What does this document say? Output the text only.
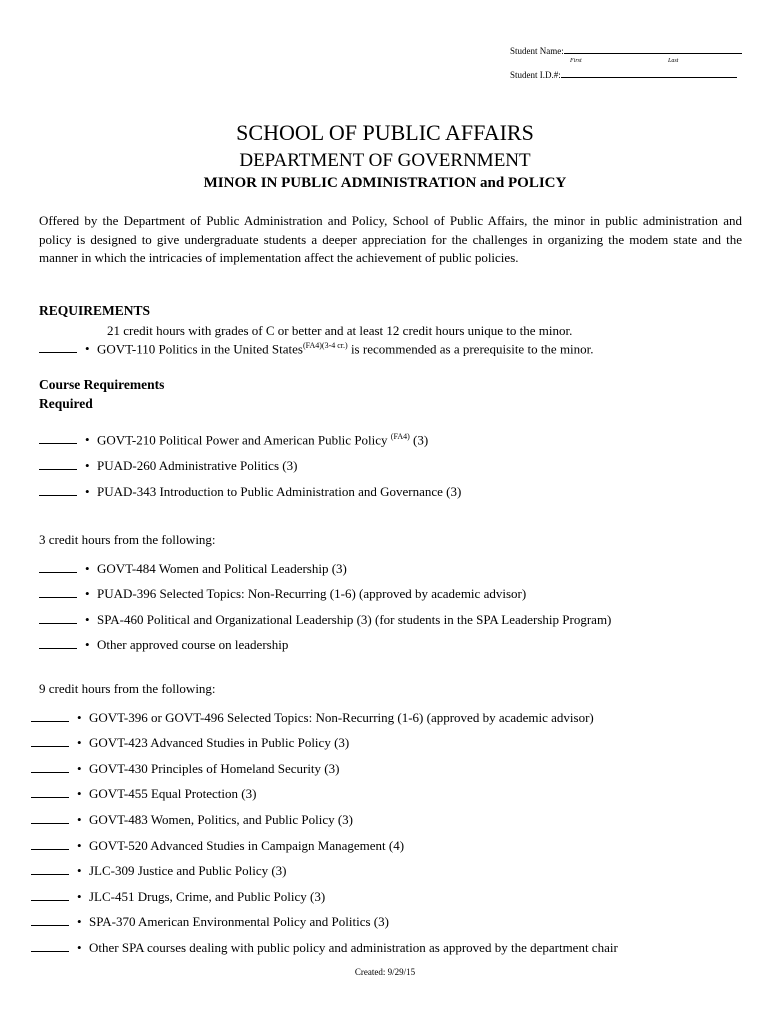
Student Name:
First	Last
Student I.D.#:
SCHOOL OF PUBLIC AFFAIRS
DEPARTMENT OF GOVERNMENT
MINOR IN PUBLIC ADMINISTRATION and POLICY
Offered by the Department of Public Administration and Policy, School of Public Affairs, the minor in public administration and policy is designed to give undergraduate students a deeper appreciation for the challenges in organizing the modem state and the manner in which the intricacies of implementation affect the achievement of public policies.
REQUIREMENTS
21 credit hours with grades of C or better and at least 12 credit hours unique to the minor.
• GOVT-110 Politics in the United States$^{(FA4)(3-4 cr.)}$ is recommended as a prerequisite to the minor.
Course Requirements
Required
• GOVT-210 Political Power and American Public Policy $^{(FA4)}$ (3)
• PUAD-260 Administrative Politics (3)
• PUAD-343 Introduction to Public Administration and Governance (3)
3 credit hours from the following:
• GOVT-484 Women and Political Leadership (3)
• PUAD-396 Selected Topics: Non-Recurring (1-6) (approved by academic advisor)
• SPA-460 Political and Organizational Leadership (3) (for students in the SPA Leadership Program)
• Other approved course on leadership
9 credit hours from the following:
• GOVT-396 or GOVT-496 Selected Topics: Non-Recurring (1-6) (approved by academic advisor)
• GOVT-423 Advanced Studies in Public Policy (3)
• GOVT-430 Principles of Homeland Security (3)
• GOVT-455 Equal Protection (3)
• GOVT-483 Women, Politics, and Public Policy (3)
• GOVT-520 Advanced Studies in Campaign Management (4)
• JLC-309 Justice and Public Policy (3)
• JLC-451 Drugs, Crime, and Public Policy (3)
• SPA-370 American Environmental Policy and Politics (3)
• Other SPA courses dealing with public policy and administration as approved by the department chair
Created: 9/29/15
